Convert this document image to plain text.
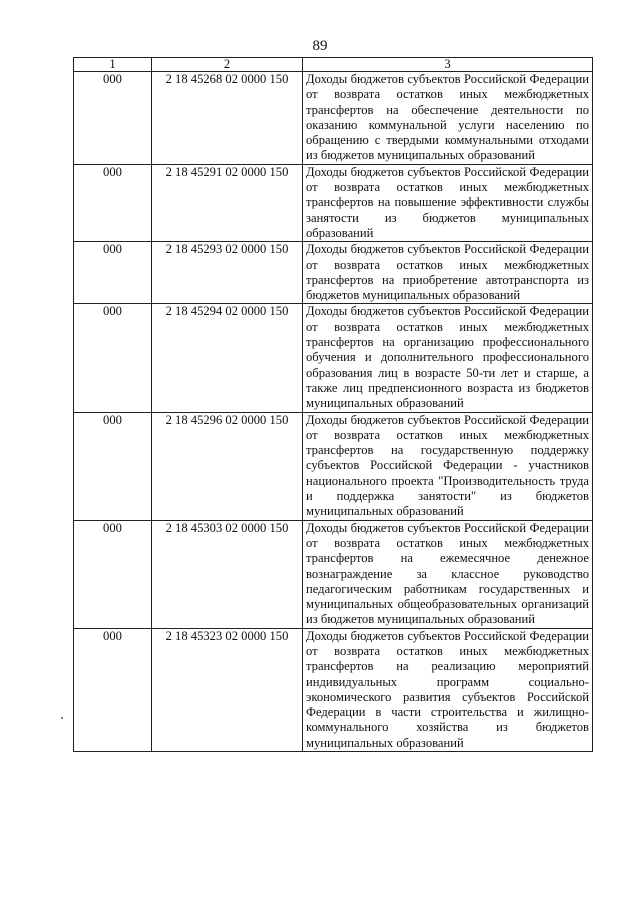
89
1	2	3
000	2 18 45268 02 0000 150	Доходы бюджетов субъектов Российской Федерации от возврата остатков иных межбюджетных трансфертов на обеспечение деятельности по оказанию коммунальной услуги населению по обращению с твердыми коммунальными отходами из бюджетов муниципальных образований
000	2 18 45291 02 0000 150	Доходы бюджетов субъектов Российской Федерации от возврата остатков иных межбюджетных трансфертов на повышение эффективности службы занятости из бюджетов муниципальных образований
000	2 18 45293 02 0000 150	Доходы бюджетов субъектов Российской Федерации от возврата остатков иных межбюджетных трансфертов на приобретение автотранспорта из бюджетов муниципальных образований
000	2 18 45294 02 0000 150	Доходы бюджетов субъектов Российской Федерации от возврата остатков иных межбюджетных трансфертов на организацию профессионального обучения и дополнительного профессионального образования лиц в возрасте 50-ти лет и старше, а также лиц предпенсионного возраста из бюджетов муниципальных образований
000	2 18 45296 02 0000 150	Доходы бюджетов субъектов Российской Федерации от возврата остатков иных межбюджетных трансфертов на государственную поддержку субъектов Российской Федерации - участников национального проекта "Производительность труда и поддержка занятости" из бюджетов муниципальных образований
000	2 18 45303 02 0000 150	Доходы бюджетов субъектов Российской Федерации от возврата остатков иных межбюджетных трансфертов на ежемесячное денежное вознаграждение за классное руководство педагогическим работникам государственных и муниципальных общеобразовательных организаций из бюджетов муниципальных образований
000	2 18 45323 02 0000 150	Доходы бюджетов субъектов Российской Федерации от возврата остатков иных межбюджетных трансфертов на реализацию мероприятий индивидуальных программ социально-экономического развития субъектов Российской Федерации в части строительства и жилищно-коммунального хозяйства из бюджетов муниципальных образований
